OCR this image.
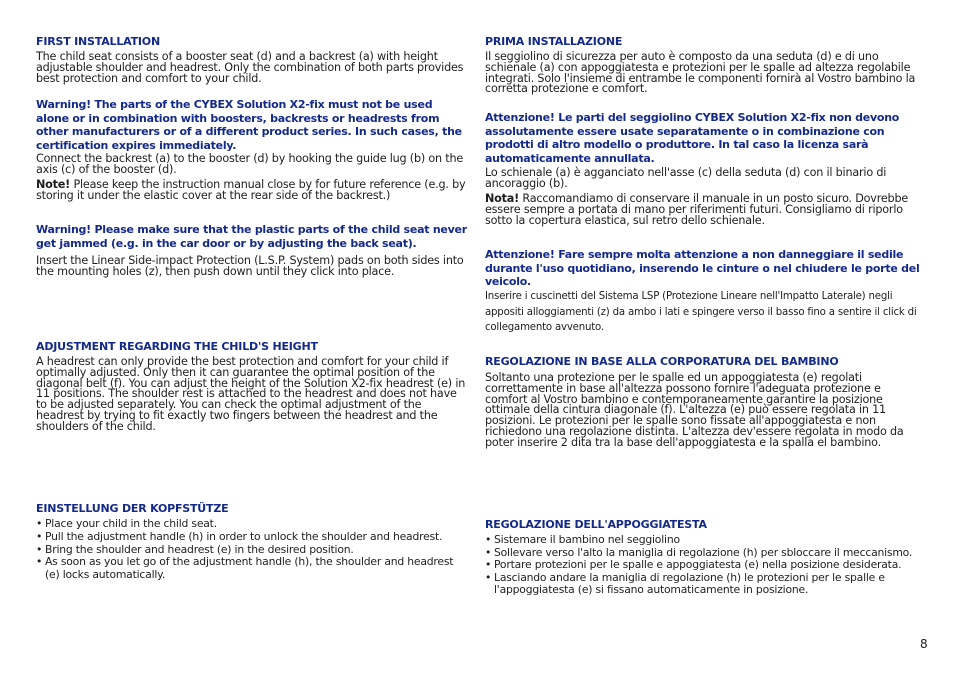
FIRST INSTALLATION

The child seat consists of a booster seat (d) and a backrest (a) with height adjustable shoulder and headrest. Only the combination of both parts provides best protection and comfort to your child.

Warning! The parts of the CYBEX Solution X2-fix must not be used alone or in combination with boosters, backrests or headrests from other manufacturers or of a different product series. In such cases, the certification expires immediately.

Connect the backrest (a) to the booster (d) by hooking the guide lug (b) on the axis (c) of the booster (d).

Note! Please keep the instruction manual close by for future reference (e.g. by storing it under the elastic cover at the rear side of the backrest.)

Warning! Please make sure that the plastic parts of the child seat never get jammed (e.g. in the car door or by adjusting the back seat).

Insert the Linear Side-impact Protection (L.S.P. System) pads on both sides into the mounting holes (z), then push down until they click into place.

ADJUSTMENT REGARDING THE CHILD'S HEIGHT

A headrest can only provide the best protection and comfort for your child if optimally adjusted. Only then it can guarantee the optimal position of the diagonal belt (f). You can adjust the height of the Solution X2-fix headrest (e) in 11 positions. The shoulder rest is attached to the headrest and does not have to be adjusted separately. You can check the optimal adjustment of the headrest by trying to fit exactly two fingers between the headrest and the shoulders of the child.

EINSTELLUNG DER KOPFSTÜTZE
• Place your child in the child seat.
• Pull the adjustment handle (h) in order to unlock the shoulder and headrest.
• Bring the shoulder and headrest (e) in the desired position.
• As soon as you let go of the adjustment handle (h), the shoulder and headrest (e) locks automatically.
PRIMA INSTALLAZIONE

Il seggiolino di sicurezza per auto è composto da una seduta (d) e di uno schienale (a) con appoggiatesta e protezioni per le spalle ad altezza regolabile integrati. Solo l'insieme di entrambe le componenti fornirà al Vostro bambino la corretta protezione e comfort.

Attenzione! Le parti del seggiolino CYBEX Solution X2-fix non devono assolutamente essere usate separatamente o in combinazione con prodotti di altro modello o produttore. In tal caso la licenza sarà automaticamente annullata.

Lo schienale (a) è agganciato nell'asse (c) della seduta (d) con il binario di ancoraggio (b).

Nota! Raccomandiamo di conservare il manuale in un posto sicuro. Dovrebbe essere sempre a portata di mano per riferimenti futuri. Consigliamo di riporlo sotto la copertura elastica, sul retro dello schienale.

Attenzione! Fare sempre molta attenzione a non danneggiare il sedile durante l'uso quotidiano, inserendo le cinture o nel chiudere le porte del veicolo.

Inserire i cuscinetti del Sistema LSP (Protezione Lineare nell'Impatto Laterale) negli appositi alloggiamenti (z) da ambo i lati e spingere verso il basso fino a sentire il click di collegamento avvenuto.

REGOLAZIONE IN BASE ALLA CORPORATURA DEL BAMBINO

Soltanto una protezione per le spalle ed un appoggiatesta (e) regolati correttamente in base all'altezza possono fornire l'adeguata protezione e comfort al Vostro bambino e contemporaneamente garantire la posizione

ottimale della cintura diagonale (f). L'altezza (e) può essere regolata in 11 posizioni. Le protezioni per le spalle sono fissate all'appoggiatesta e non richiedono una regolazione distinta. L'altezza dev'essere regolata in modo da poter inserire 2 dita tra la base dell'appoggiatesta e la spalla el bambino.

REGOLAZIONE DELL'APPOGGIATESTA
• Sistemare il bambino nel seggiolino
• Sollevare verso l'alto la maniglia di regolazione (h) per sbloccare il meccanismo.
• Portare protezioni per le spalle e appoggiatesta (e) nella posizione desiderata.
• Lasciando andare la maniglia di regolazione (h) le protezioni per le spalle e l'appoggiatesta (e) si fissano automaticamente in posizione.
8
